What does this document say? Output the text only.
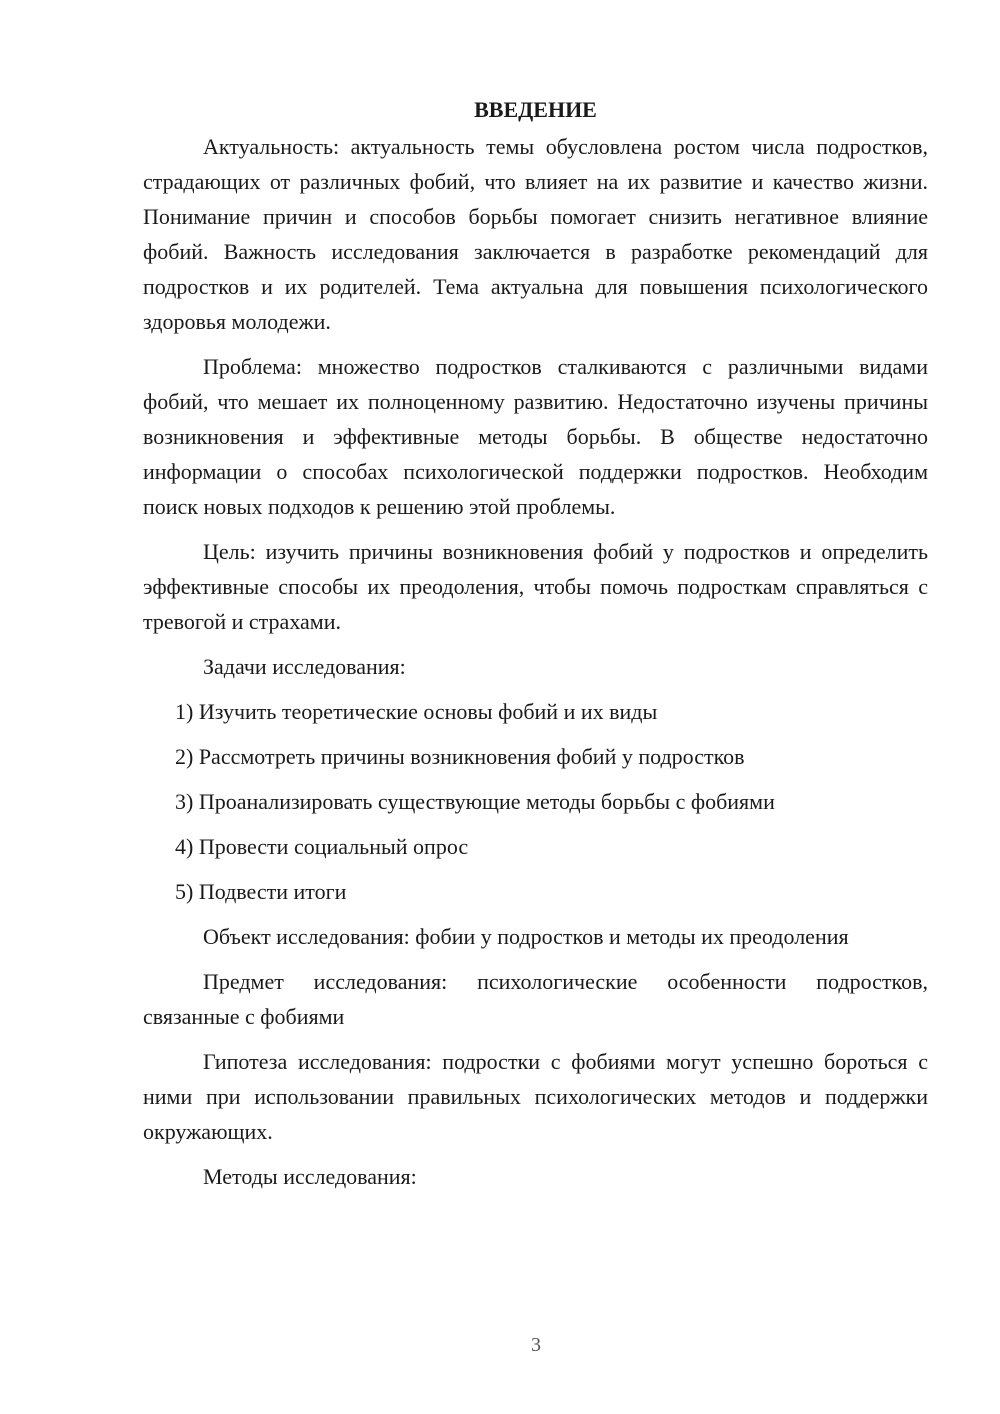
ВВЕДЕНИЕ

Актуальность: актуальность темы обусловлена ростом числа подростков, страдающих от различных фобий, что влияет на их развитие и качество жизни. Понимание причин и способов борьбы помогает снизить негативное влияние фобий. Важность исследования заключается в разработке рекомендаций для подростков и их родителей. Тема актуальна для повышения психологического здоровья молодежи.

Проблема: множество подростков сталкиваются с различными видами фобий, что мешает их полноценному развитию. Недостаточно изучены причины возникновения и эффективные методы борьбы. В обществе недостаточно информации о способах психологической поддержки подростков. Необходим поиск новых подходов к решению этой проблемы.

Цель: изучить причины возникновения фобий у подростков и определить эффективные способы их преодоления, чтобы помочь подросткам справляться с тревогой и страхами.

Задачи исследования:

1) Изучить теоретические основы фобий и их виды

2) Рассмотреть причины возникновения фобий у подростков

3) Проанализировать существующие методы борьбы с фобиями

4) Провести социальный опрос

5) Подвести итоги

Объект исследования: фобии у подростков и методы их преодоления

Предмет исследования: психологические особенности подростков, связанные с фобиями

Гипотеза исследования: подростки с фобиями могут успешно бороться с ними при использовании правильных психологических методов и поддержки окружающих.

Методы исследования:

3
